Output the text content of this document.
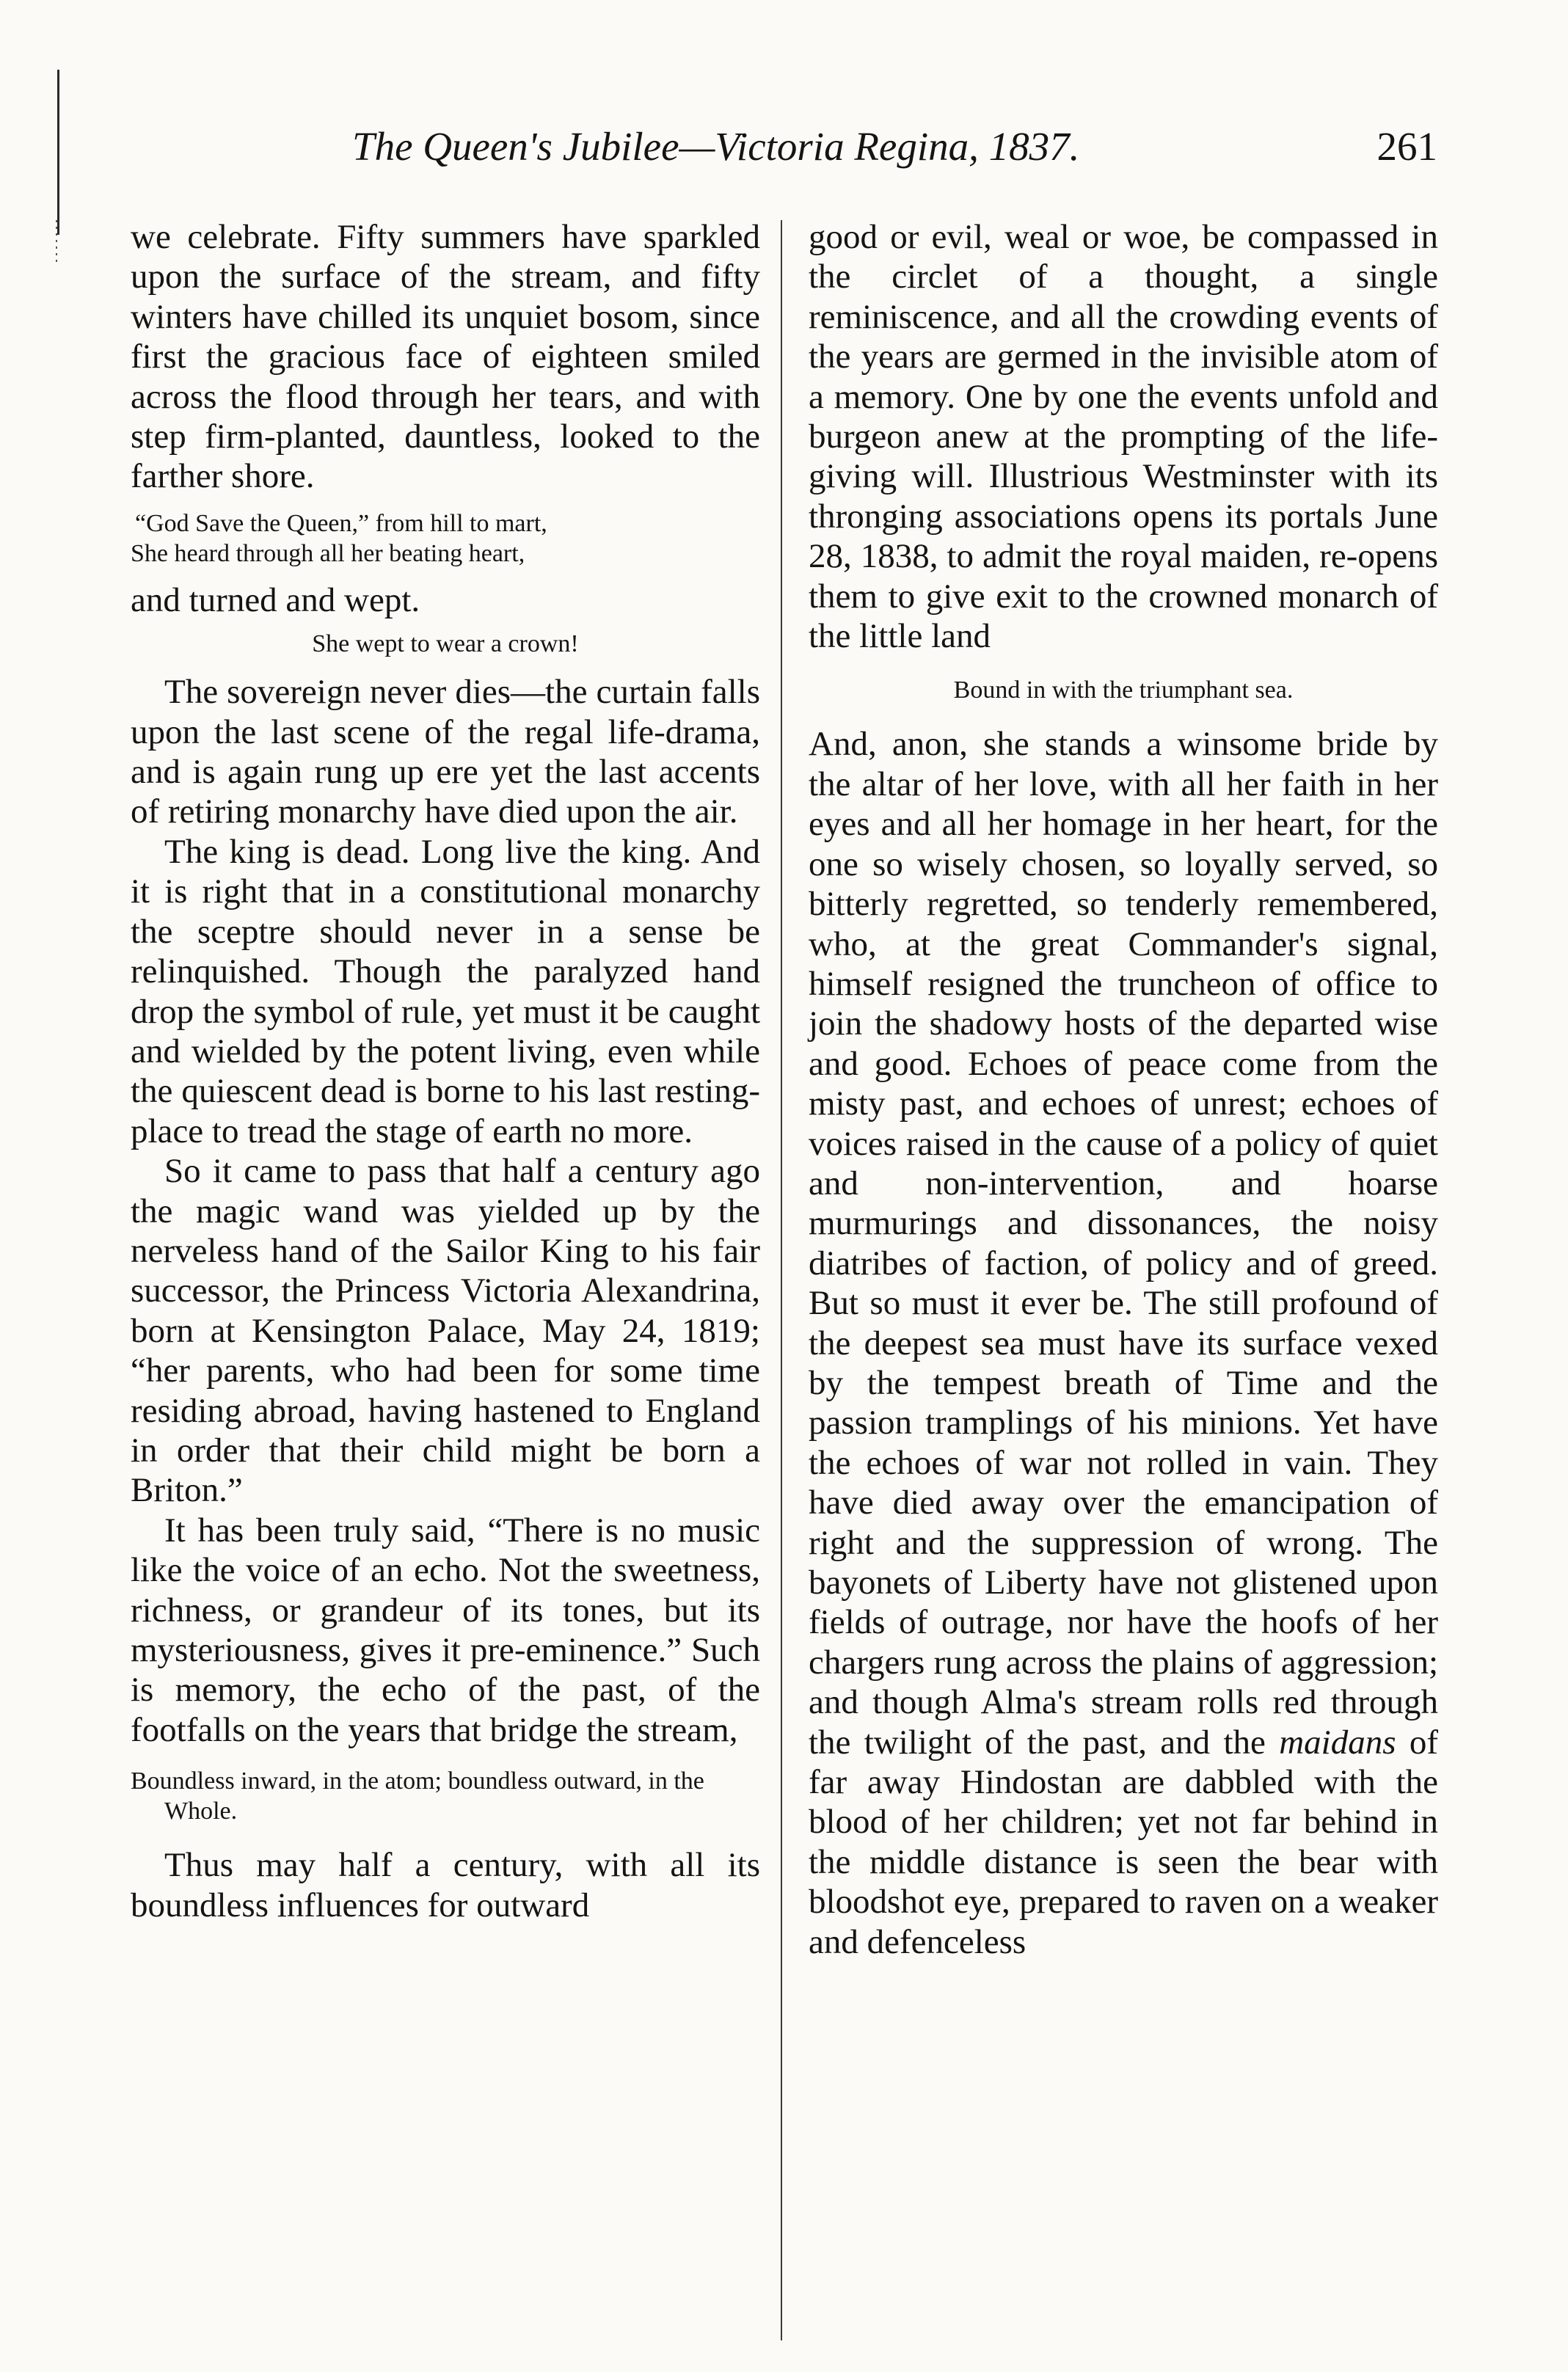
The Queen's Jubilee—Victoria Regina, 1837.	261

we celebrate. Fifty summers have sparkled upon the surface of the stream, and fifty winters have chilled its unquiet bosom, since first the gracious face of eighteen smiled across the flood through her tears, and with step firm-planted, dauntless, looked to the farther shore.

“God Save the Queen,” from hill to mart,
She heard through all her beating heart,

and turned and wept.

She wept to wear a crown!

The sovereign never dies—the curtain falls upon the last scene of the regal life-drama, and is again rung up ere yet the last accents of retiring monarchy have died upon the air.

The king is dead. Long live the king. And it is right that in a constitutional monarchy the sceptre should never in a sense be relinquished. Though the paralyzed hand drop the symbol of rule, yet must it be caught and wielded by the potent living, even while the quiescent dead is borne to his last resting-place to tread the stage of earth no more.

So it came to pass that half a century ago the magic wand was yielded up by the nerveless hand of the Sailor King to his fair successor, the Princess Victoria Alexandrina, born at Kensington Palace, May 24, 1819; “her parents, who had been for some time residing abroad, having hastened to England in order that their child might be born a Briton.”

It has been truly said, “There is no music like the voice of an echo. Not the sweetness, richness, or grandeur of its tones, but its mysteriousness, gives it pre-eminence.” Such is memory, the echo of the past, of the footfalls on the years that bridge the stream,

Boundless inward, in the atom; boundless outward, in the Whole.

Thus may half a century, with all its boundless influences for outward

good or evil, weal or woe, be compassed in the circlet of a thought, a single reminiscence, and all the crowding events of the years are germed in the invisible atom of a memory. One by one the events unfold and burgeon anew at the prompting of the life-giving will. Illustrious Westminster with its thronging associations opens its portals June 28, 1838, to admit the royal maiden, re-opens them to give exit to the crowned monarch of the little land

Bound in with the triumphant sea.

And, anon, she stands a winsome bride by the altar of her love, with all her faith in her eyes and all her homage in her heart, for the one so wisely chosen, so loyally served, so bitterly regretted, so tenderly remembered, who, at the great Commander's signal, himself resigned the truncheon of office to join the shadowy hosts of the departed wise and good. Echoes of peace come from the misty past, and echoes of unrest; echoes of voices raised in the cause of a policy of quiet and non-intervention, and hoarse murmurings and dissonances, the noisy diatribes of faction, of policy and of greed. But so must it ever be. The still profound of the deepest sea must have its surface vexed by the tempest breath of Time and the passion tramplings of his minions. Yet have the echoes of war not rolled in vain. They have died away over the emancipation of right and the suppression of wrong. The bayonets of Liberty have not glistened upon fields of outrage, nor have the hoofs of her chargers rung across the plains of aggression; and though Alma's stream rolls red through the twilight of the past, and the maidans of far away Hindostan are dabbled with the blood of her children; yet not far behind in the middle distance is seen the bear with bloodshot eye, prepared to raven on a weaker and defenceless
